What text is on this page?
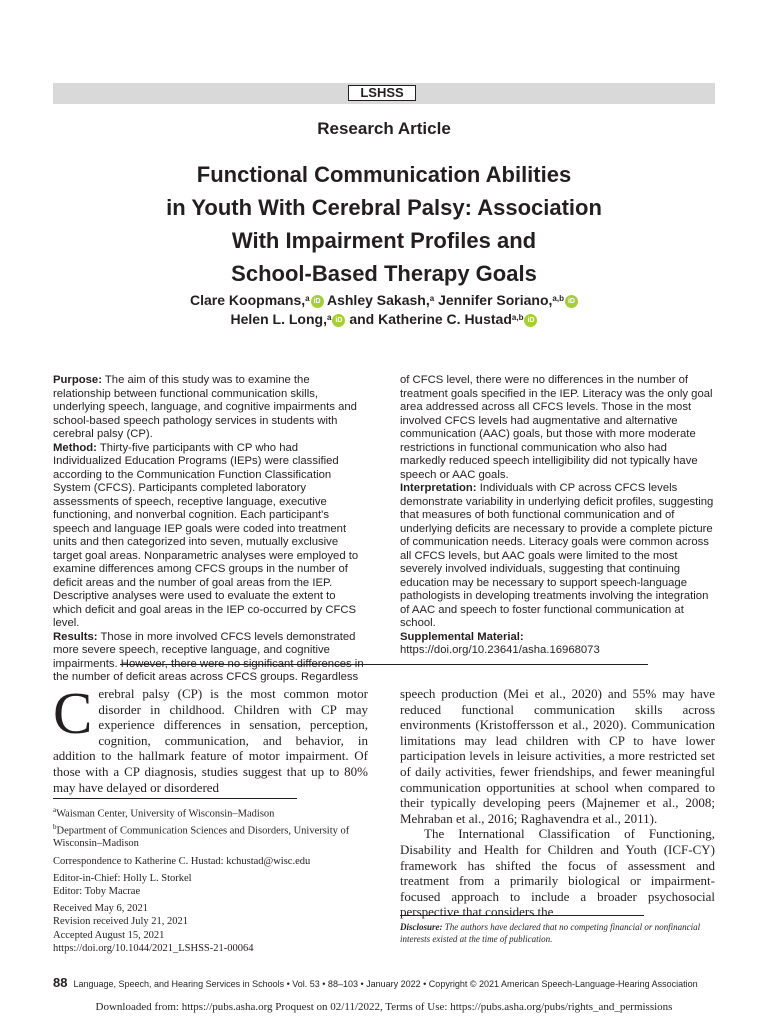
LSHSS
Research Article
Functional Communication Abilities
in Youth With Cerebral Palsy: Association
With Impairment Profiles and
School-Based Therapy Goals
Clare Koopmans,$^a$ iD Ashley Sakash,$^a$ Jennifer Soriano,$^{a,b}$ iD
Helen L. Long,$^a$ iD and Katherine C. Hustad$^{a,b}$ iD

Purpose: The aim of this study was to examine the relationship between functional communication skills, underlying speech, language, and cognitive impairments and school-based speech pathology services in students with cerebral palsy (CP).

Method: Thirty-five participants with CP who had Individualized Education Programs (IEPs) were classified according to the Communication Function Classification System (CFCS). Participants completed laboratory assessments of speech, receptive language, executive functioning, and nonverbal cognition. Each participant's speech and language IEP goals were coded into treatment units and then categorized into seven, mutually exclusive target goal areas. Nonparametric analyses were employed to examine differences among CFCS groups in the number of deficit areas and the number of goal areas from the IEP. Descriptive analyses were used to evaluate the extent to which deficit and goal areas in the IEP co-occurred by CFCS level.

Results: Those in more involved CFCS levels demonstrated more severe speech, receptive language, and cognitive impairments. However, there were no significant differences in the number of deficit areas across CFCS groups. Regardless

of CFCS level, there were no differences in the number of treatment goals specified in the IEP. Literacy was the only goal area addressed across all CFCS levels. Those in the most involved CFCS levels had augmentative and alternative communication (AAC) goals, but those with more moderate restrictions in functional communication who also had markedly reduced speech intelligibility did not typically have speech or AAC goals.

Interpretation: Individuals with CP across CFCS levels demonstrate variability in underlying deficit profiles, suggesting that measures of both functional communication and of underlying deficits are necessary to provide a complete picture of communication needs. Literacy goals were common across all CFCS levels, but AAC goals were limited to the most severely involved individuals, suggesting that continuing education may be necessary to support speech-language pathologists in developing treatments involving the integration of AAC and speech to foster functional communication at school.

Supplemental Material: https://doi.org/10.23641/asha.16968073

Cerebral palsy (CP) is the most common motor disorder in childhood. Children with CP may experience differences in sensation, perception, cognition, communication, and behavior, in addition to the hallmark feature of motor impairment. Of those with a CP diagnosis, studies suggest that up to 80% may have delayed or disordered

speech production (Mei et al., 2020) and 55% may have reduced functional communication skills across environments (Kristoffersson et al., 2020). Communication limitations may lead children with CP to have lower participation levels in leisure activities, a more restricted set of daily activities, fewer friendships, and fewer meaningful communication opportunities at school when compared to their typically developing peers (Majnemer et al., 2008; Mehraban et al., 2016; Raghavendra et al., 2011).

The International Classification of Functioning, Disability and Health for Children and Youth (ICF-CY) framework has shifted the focus of assessment and treatment from a primarily biological or impairment-focused approach to include a broader psychosocial perspective that considers the

$^a$Waisman Center, University of Wisconsin–Madison

$^b$Department of Communication Sciences and Disorders, University of Wisconsin–Madison

Correspondence to Katherine C. Hustad: kchustad@wisc.edu

Editor-in-Chief: Holly L. Storkel

Editor: Toby Macrae

Received May 6, 2021

Revision received July 21, 2021

Accepted August 15, 2021

https://doi.org/10.1044/2021_LSHSS-21-00064

Disclosure: The authors have declared that no competing financial or nonfinancial interests existed at the time of publication.
88 Language, Speech, and Hearing Services in Schools • Vol. 53 • 88–103 • January 2022 • Copyright © 2021 American Speech-Language-Hearing Association
Downloaded from: https://pubs.asha.org Proquest on 02/11/2022, Terms of Use: https://pubs.asha.org/pubs/rights_and_permissions
